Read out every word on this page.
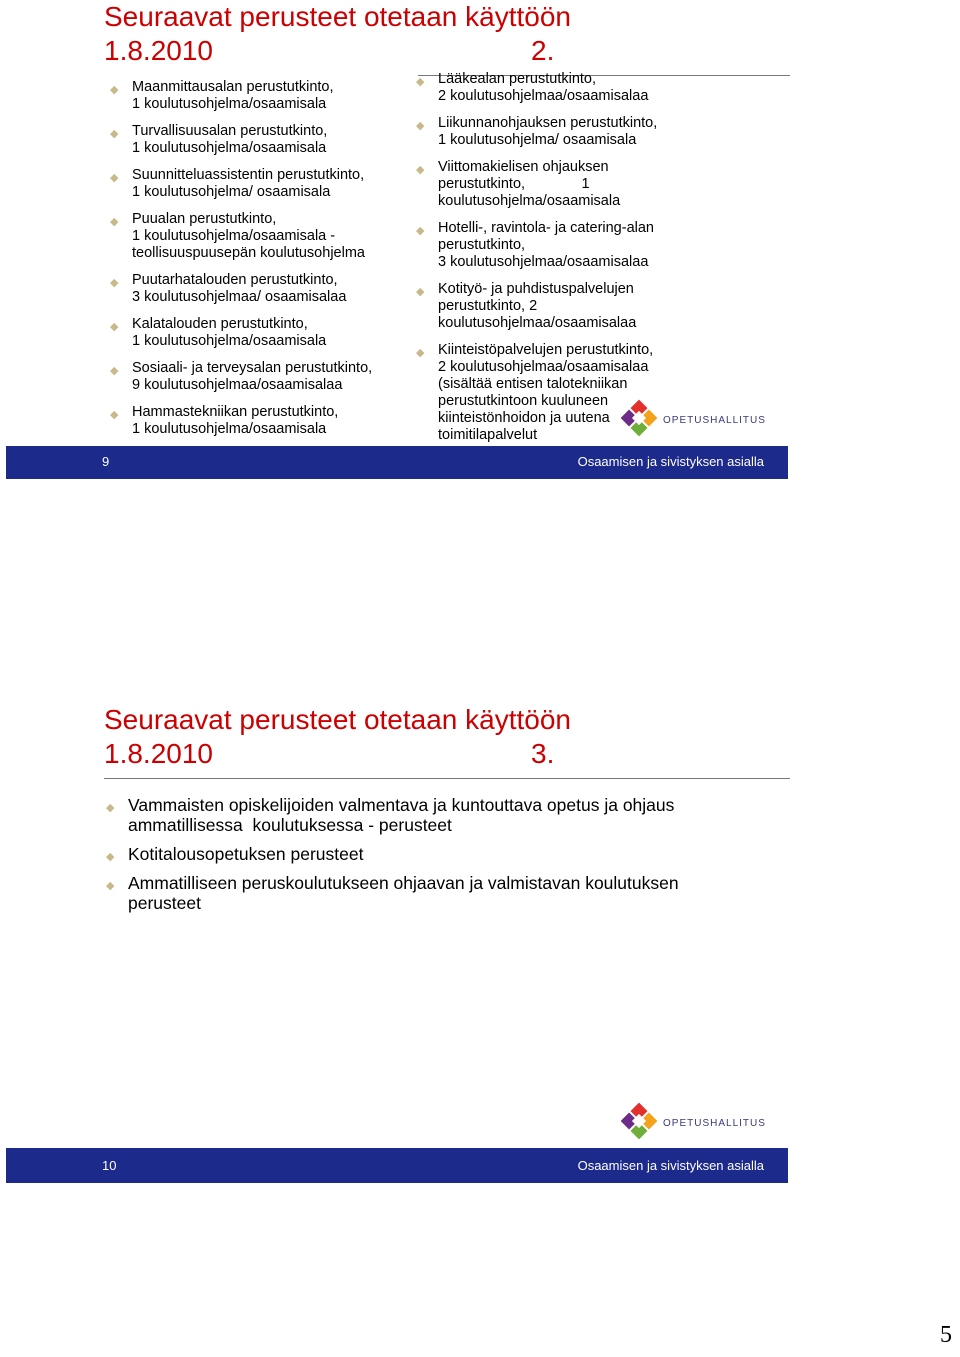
Seuraavat perusteet otetaan käyttöön
1.8.2010	2.
◆ Maanmittausalan perustutkinto,
1 koulutusohjelma/osaamisala
◆ Turvallisuusalan perustutkinto,
1 koulutusohjelma/osaamisala
◆ Suunnitteluassistentin perustutkinto,
1 koulutusohjelma/ osaamisala
◆ Puualan perustutkinto,
1 koulutusohjelma/osaamisala -
teollisuuspuusepän koulutusohjelma
◆ Puutarhatalouden perustutkinto,
3 koulutusohjelmaa/ osaamisalaa
◆ Kalatalouden perustutkinto,
1 koulutusohjelma/osaamisala
◆ Sosiaali- ja terveysalan perustutkinto,
9 koulutusohjelmaa/osaamisalaa
◆ Hammastekniikan perustutkinto,
1 koulutusohjelma/osaamisala
◆ Lääkealan perustutkinto,
2 koulutusohjelmaa/osaamisalaa
◆ Liikunnanohjauksen perustutkinto,
1 koulutusohjelma/ osaamisala
◆ Viittomakielisen ohjauksen
perustutkinto,              1
koulutusohjelma/osaamisala
◆ Hotelli-, ravintola- ja catering-alan
perustutkinto,
3 koulutusohjelmaa/osaamisalaa
◆ Kotityö- ja puhdistuspalvelujen
perustutkinto, 2
koulutusohjelmaa/osaamisalaa
◆ Kiinteistöpalvelujen perustutkinto,
2 koulutusohjelmaa/osaamisalaa
(sisältää entisen talotekniikan
perustutkintoon kuuluneen
kiinteistönhoidon ja uutena
toimitilapalvelut
OPETUSHALLITUS
9	Osaamisen ja sivistyksen asialla
Seuraavat perusteet otetaan käyttöön
1.8.2010	3.
◆ Vammaisten opiskelijoiden valmentava ja kuntouttava opetus ja ohjaus
ammatillisessa  koulutuksessa - perusteet
◆ Kotitalousopetuksen perusteet
◆ Ammatilliseen peruskoulutukseen ohjaavan ja valmistavan koulutuksen
perusteet
OPETUSHALLITUS
10	Osaamisen ja sivistyksen asialla
5
